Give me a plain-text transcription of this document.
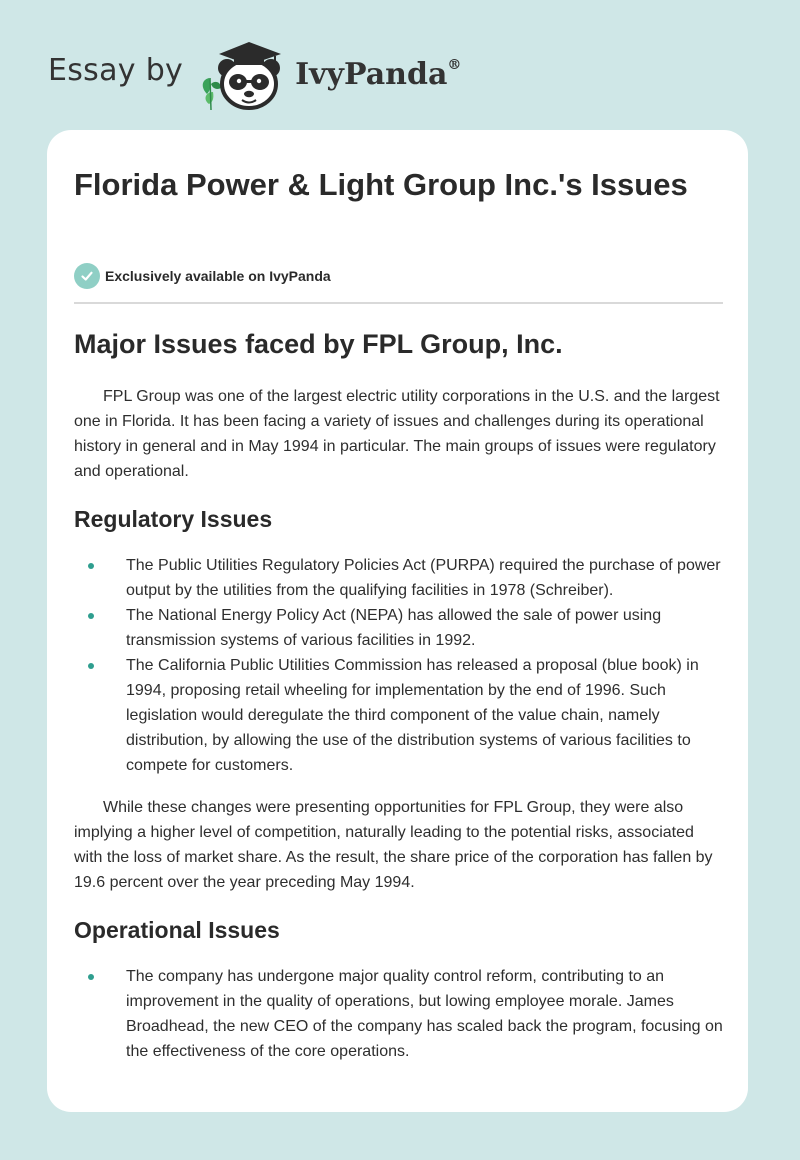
Essay by	IvyPanda®
Florida Power & Light Group Inc.'s Issues
Exclusively available on IvyPanda
Major Issues faced by FPL Group, Inc.

FPL Group was one of the largest electric utility corporations in the U.S. and the largest one in Florida. It has been facing a variety of issues and challenges during its operational history in general and in May 1994 in particular. The main groups of issues were regulatory and operational.

Regulatory Issues
The Public Utilities Regulatory Policies Act (PURPA) required the purchase of power output by the utilities from the qualifying facilities in 1978 (Schreiber).
The National Energy Policy Act (NEPA) has allowed the sale of power using transmission systems of various facilities in 1992.
The California Public Utilities Commission has released a proposal (blue book) in 1994, proposing retail wheeling for implementation by the end of 1996. Such legislation would deregulate the third component of the value chain, namely distribution, by allowing the use of the distribution systems of various facilities to compete for customers.

While these changes were presenting opportunities for FPL Group, they were also implying a higher level of competition, naturally leading to the potential risks, associated with the loss of market share. As the result, the share price of the corporation has fallen by 19.6 percent over the year preceding May 1994.

Operational Issues
The company has undergone major quality control reform, contributing to an improvement in the quality of operations, but lowing employee morale. James Broadhead, the new CEO of the company has scaled back the program, focusing on the effectiveness of the core operations.
